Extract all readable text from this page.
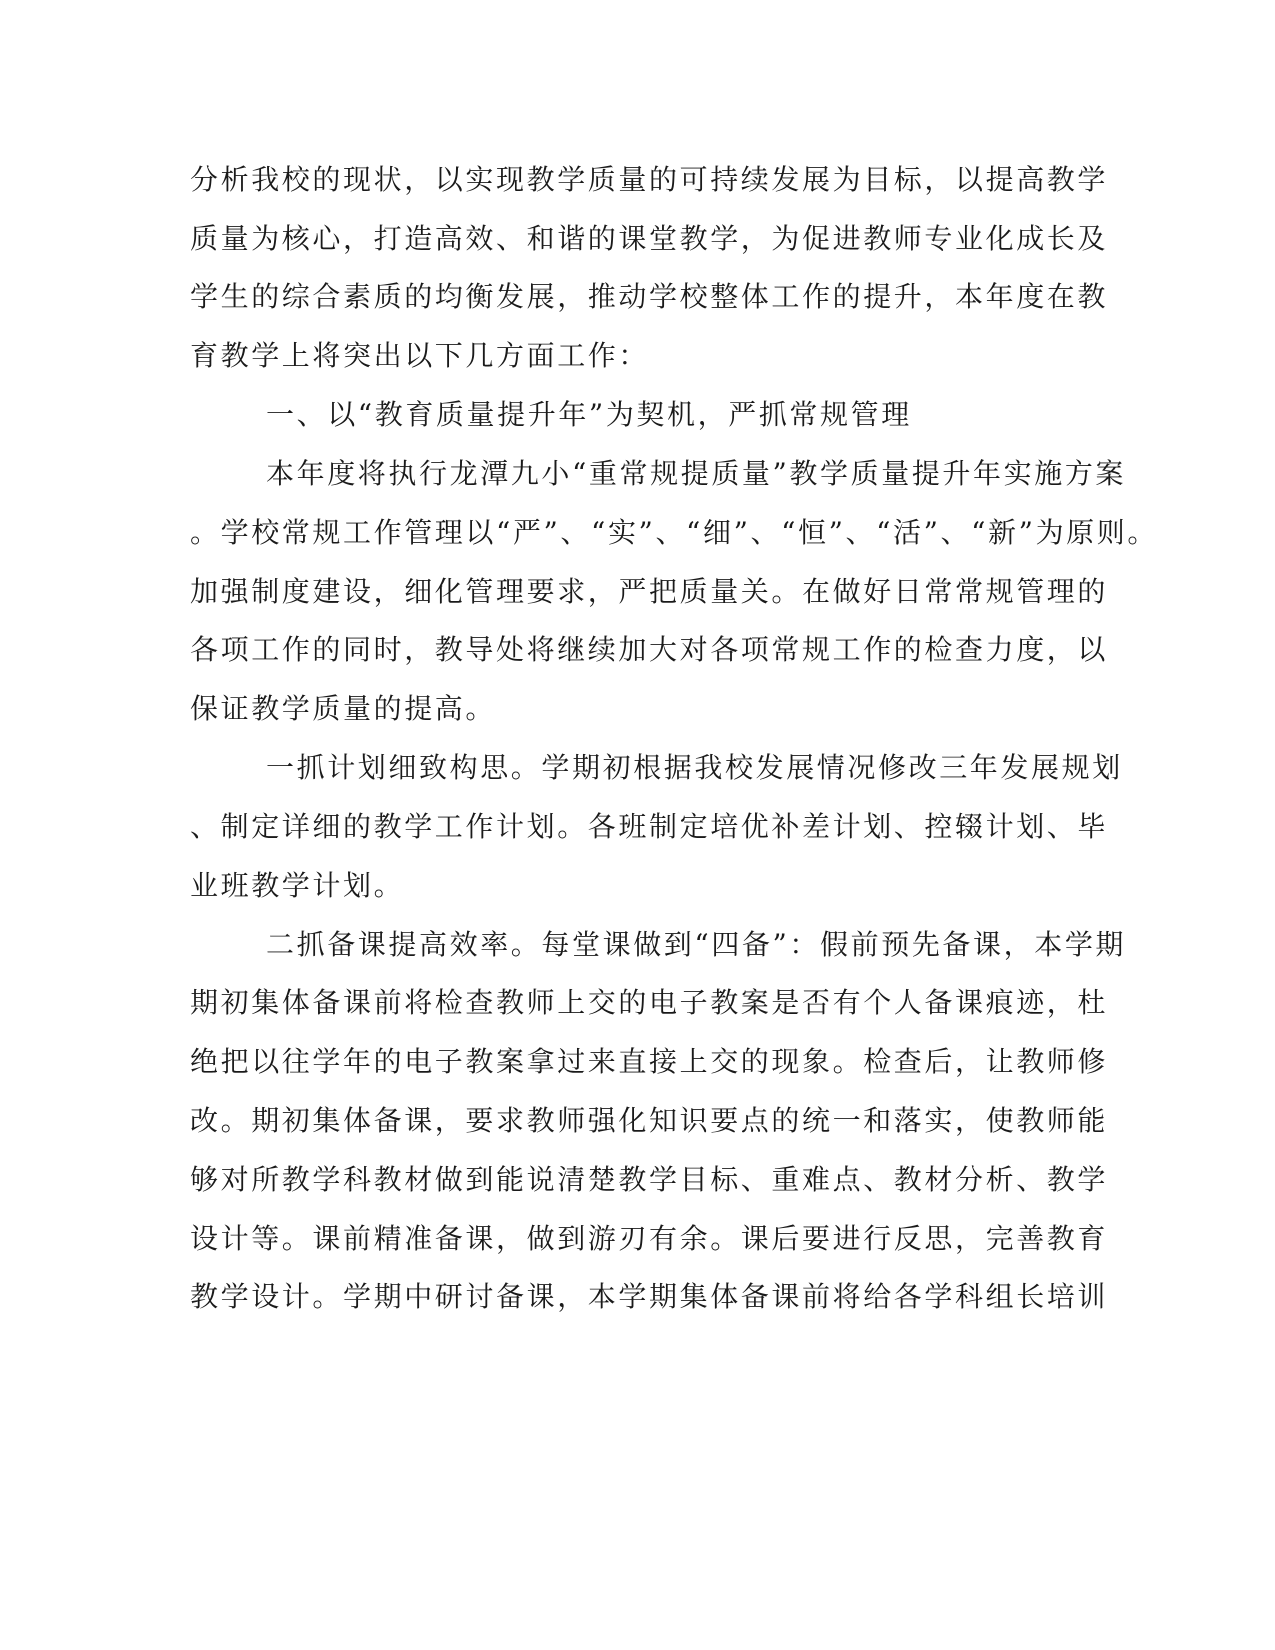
分析我校的现状，以实现教学质量的可持续发展为目标，以提高教学
质量为核心，打造高效、和谐的课堂教学，为促进教师专业化成长及
学生的综合素质的均衡发展，推动学校整体工作的提升，本年度在教
育教学上将突出以下几方面工作：
一、以“教育质量提升年”为契机，严抓常规管理
本年度将执行龙潭九小“重常规提质量”教学质量提升年实施方案
。学校常规工作管理以“严”、“实”、“细”、“恒”、“活”、“新”为原则。
加强制度建设，细化管理要求，严把质量关。在做好日常常规管理的
各项工作的同时，教导处将继续加大对各项常规工作的检查力度，以
保证教学质量的提高。
一抓计划细致构思。学期初根据我校发展情况修改三年发展规划
、制定详细的教学工作计划。各班制定培优补差计划、控辍计划、毕
业班教学计划。
二抓备课提高效率。每堂课做到“四备”：假前预先备课，本学期
期初集体备课前将检查教师上交的电子教案是否有个人备课痕迹，杜
绝把以往学年的电子教案拿过来直接上交的现象。检查后，让教师修
改。期初集体备课，要求教师强化知识要点的统一和落实，使教师能
够对所教学科教材做到能说清楚教学目标、重难点、教材分析、教学
设计等。课前精准备课，做到游刃有余。课后要进行反思，完善教育
教学设计。学期中研讨备课，本学期集体备课前将给各学科组长培训
